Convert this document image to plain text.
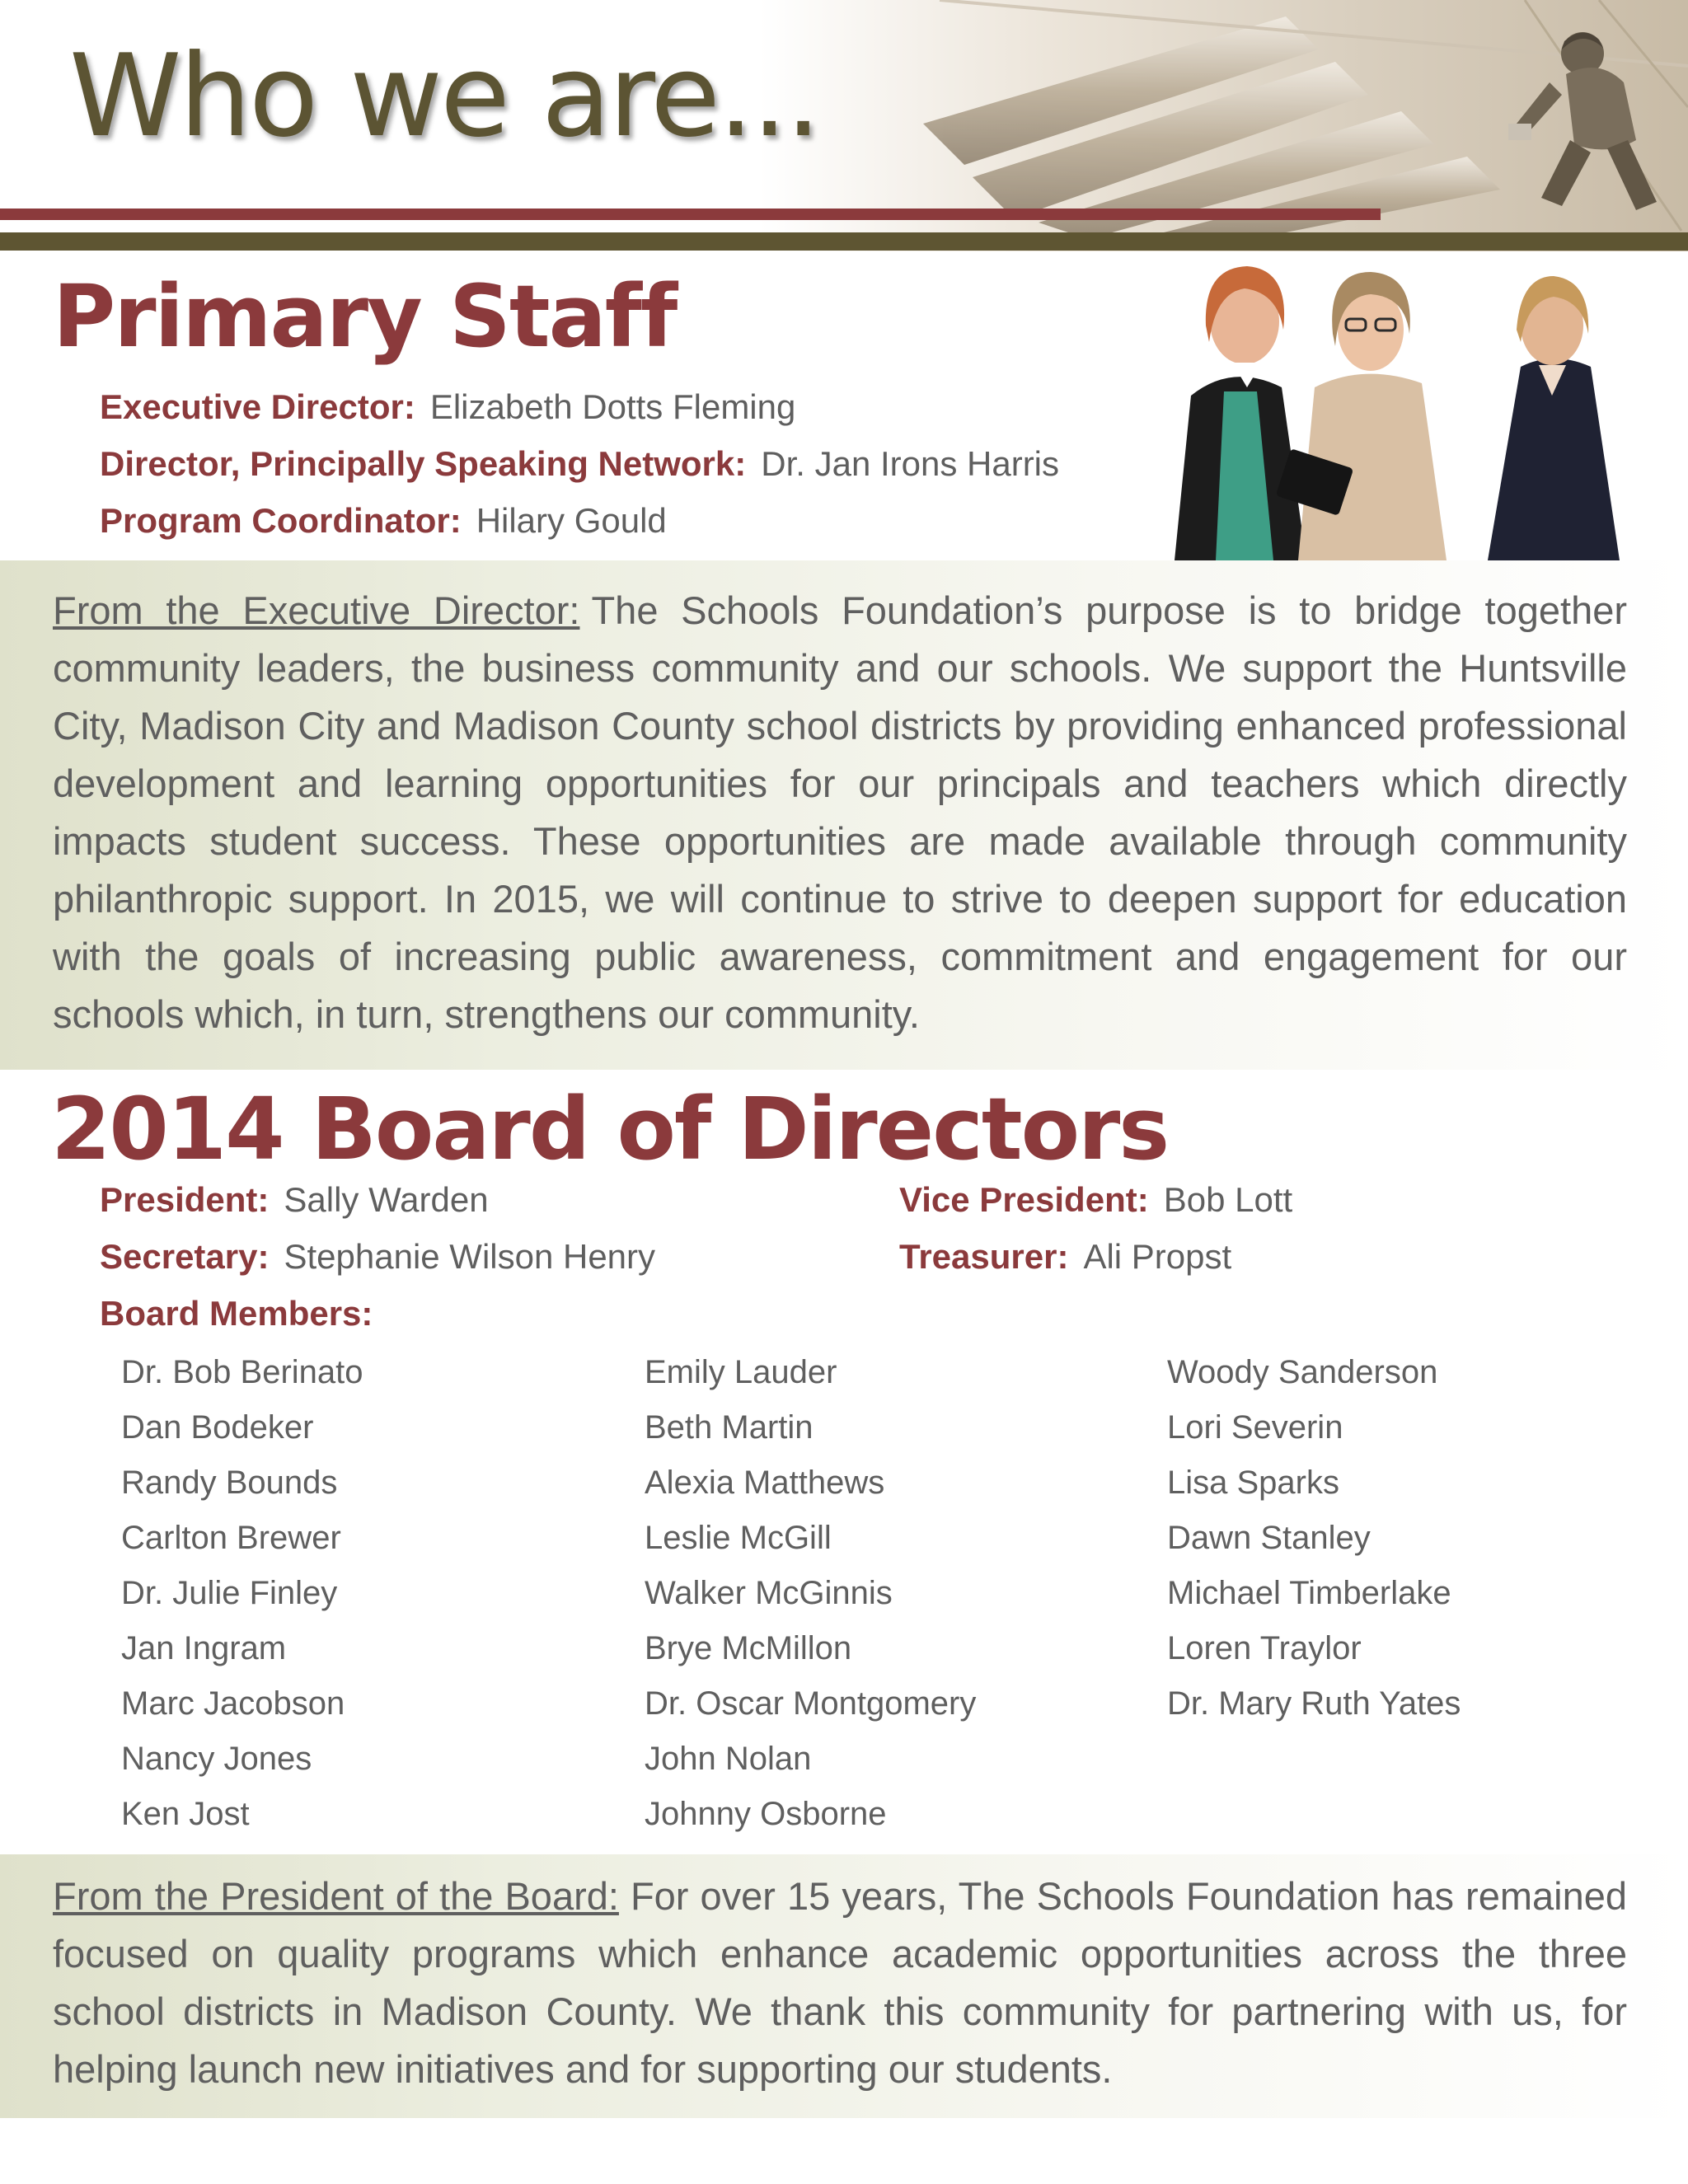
Who we are...
Primary Staff
Executive Director: Elizabeth Dotts Fleming
Director, Principally Speaking Network: Dr. Jan Irons Harris
Program Coordinator: Hilary Gould

From the Executive Director: The Schools Foundation’s purpose is to bridge together community leaders, the business community and our schools. We support the Huntsville City, Madison City and Madison County school districts by providing enhanced professional development and learning opportunities for our principals and teachers which directly impacts student success. These opportunities are made available through community philanthropic support. In 2015, we will continue to strive to deepen support for education with the goals of increasing public awareness, commitment and engagement for our schools which, in turn, strengthens our community.

2014 Board of Directors
President: Sally Warden	Vice President: Bob Lott
Secretary: Stephanie Wilson Henry	Treasurer: Ali Propst
Board Members:
Dr. Bob Berinato
Dan Bodeker
Randy Bounds
Carlton Brewer
Dr. Julie Finley
Jan Ingram
Marc Jacobson
Nancy Jones
Ken Jost
Emily Lauder
Beth Martin
Alexia Matthews
Leslie McGill
Walker McGinnis
Brye McMillon
Dr. Oscar Montgomery
John Nolan
Johnny Osborne
Woody Sanderson
Lori Severin
Lisa Sparks
Dawn Stanley
Michael Timberlake
Loren Traylor
Dr. Mary Ruth Yates

From the President of the Board: For over 15 years, The Schools Foundation has remained focused on quality programs which enhance academic opportunities across the three school districts in Madison County. We thank this community for partnering with us, for helping launch new initiatives and for supporting our students.
